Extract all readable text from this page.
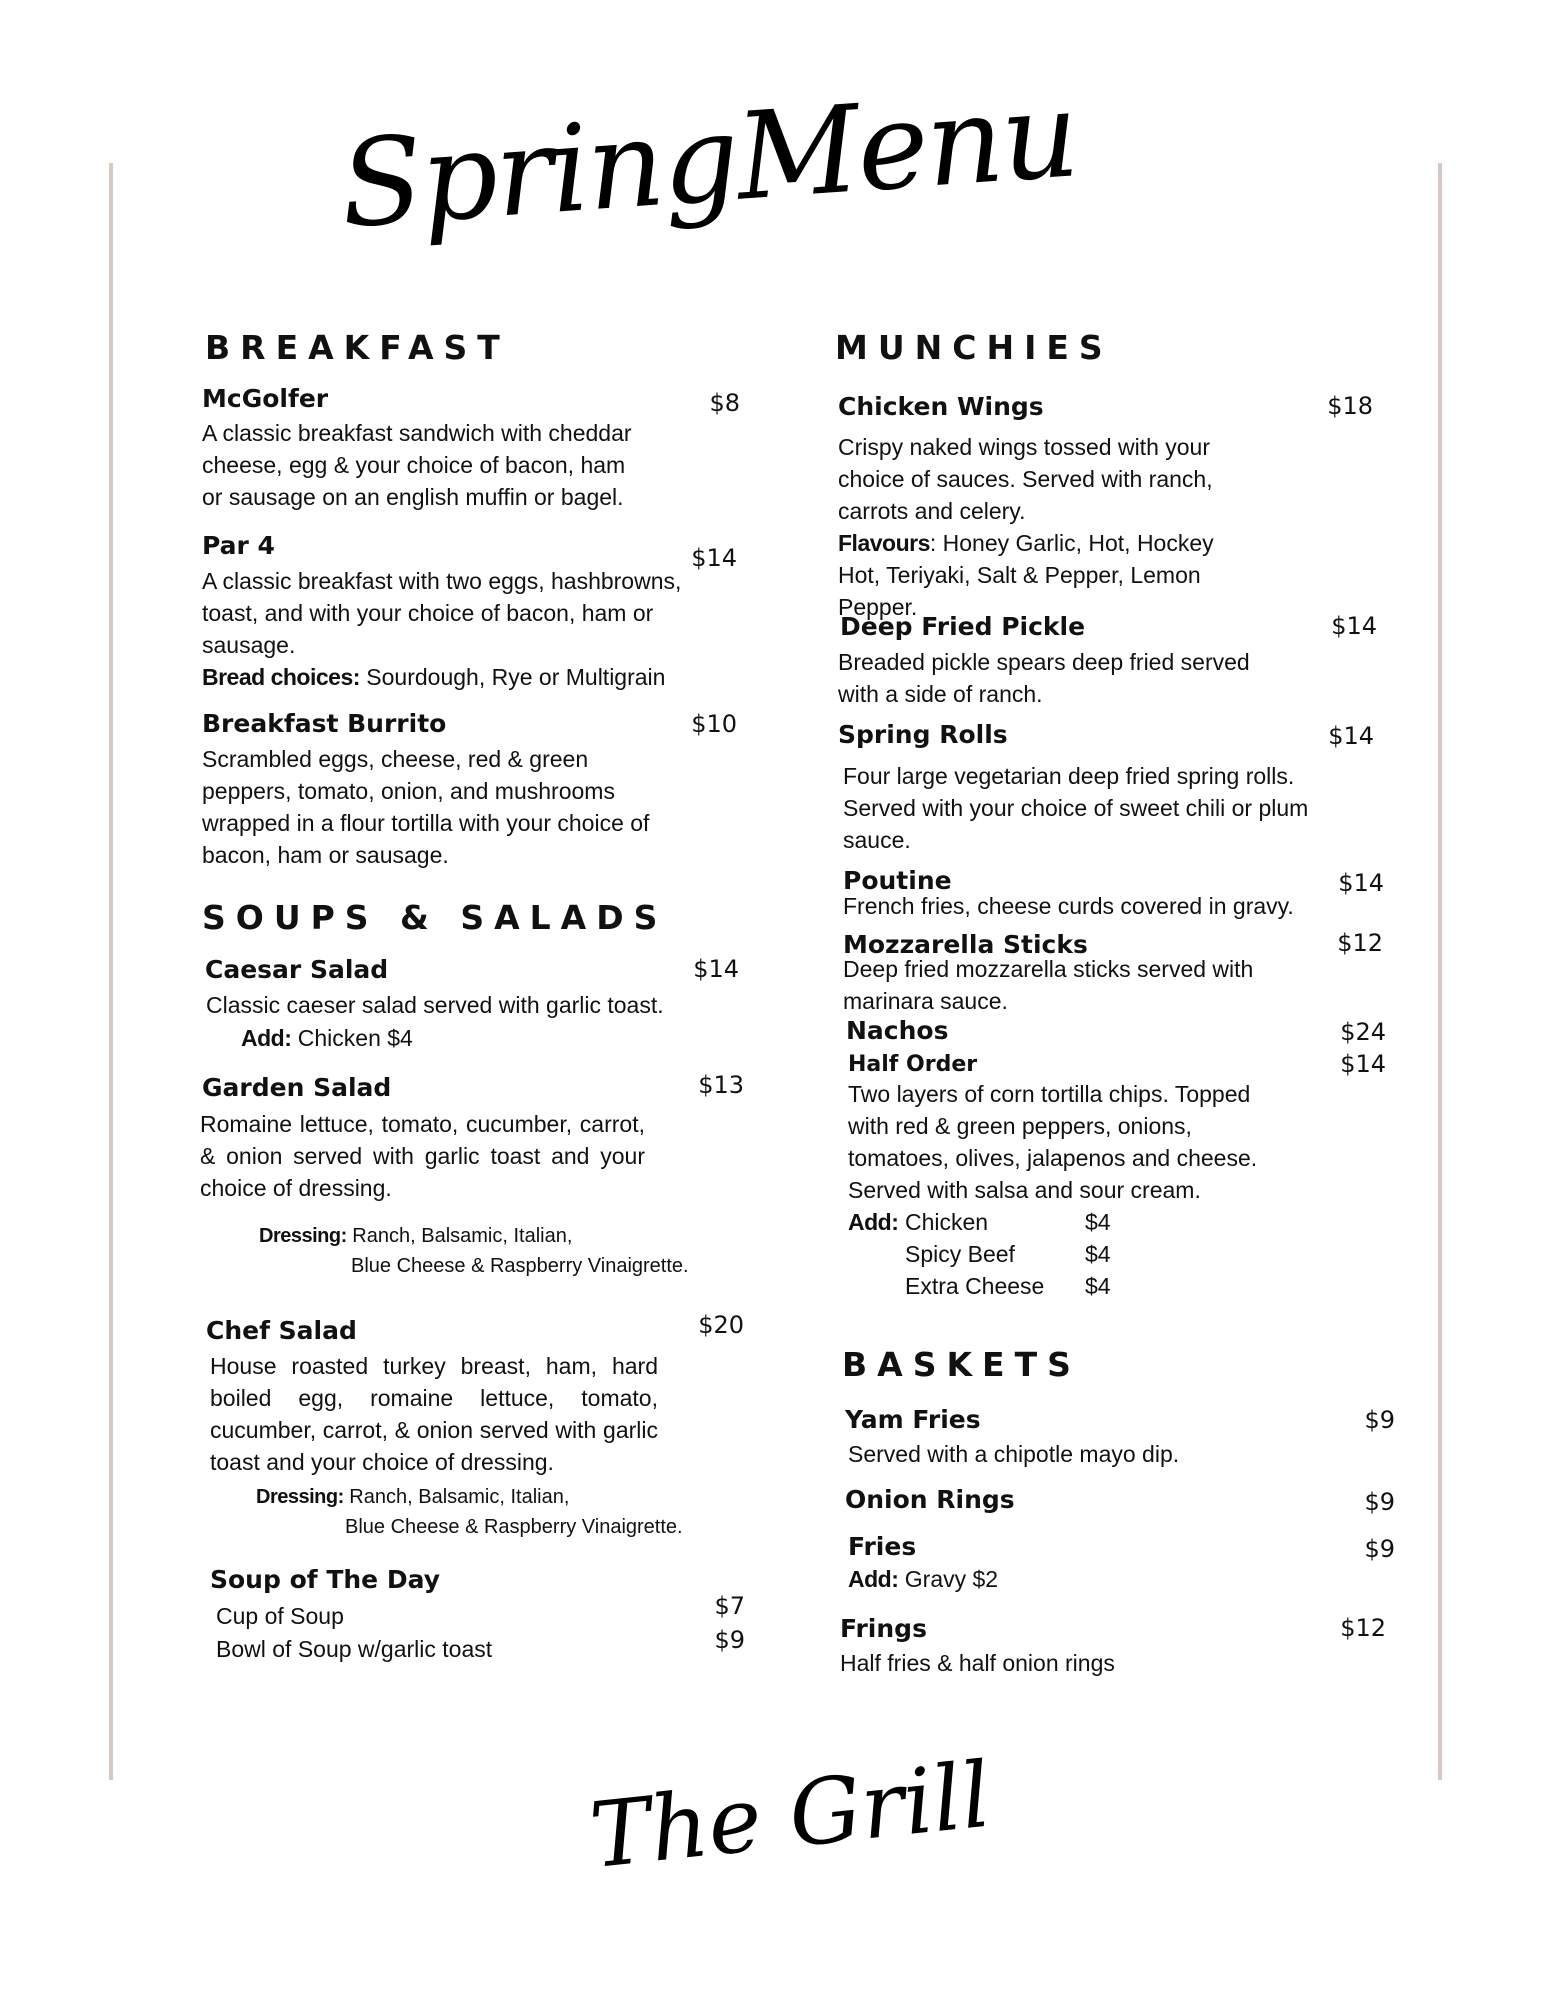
SpringMenu
BREAKFAST

McGolfer	$8

A classic breakfast sandwich with cheddar cheese, egg & your choice of bacon, ham or sausage on an english muffin or bagel.

Par 4	$14

A classic breakfast with two eggs, hashbrowns, toast, and with your choice of bacon, ham or sausage.

Bread choices: Sourdough, Rye or Multigrain

Breakfast Burrito	$10

Scrambled eggs, cheese, red & green peppers, tomato, onion, and mushrooms wrapped in a flour tortilla with your choice of bacon, ham or sausage.

SOUPS & SALADS

Caesar Salad	$14

Classic caeser salad served with garlic toast.

Add: Chicken $4

Garden Salad	$13

Romaine lettuce, tomato, cucumber, carrot, & onion served with garlic toast and your choice of dressing.

Dressing: Ranch, Balsamic, Italian,

Blue Cheese & Raspberry Vinaigrette.

Chef Salad	$20

House roasted turkey breast, ham, hard boiled egg, romaine lettuce, tomato, cucumber, carrot, & onion served with garlic toast and your choice of dressing.

Dressing: Ranch, Balsamic, Italian,

Blue Cheese & Raspberry Vinaigrette.

Soup of The Day

Cup of Soup	$7

Bowl of Soup w/garlic toast	$9

MUNCHIES

Chicken Wings	$18

Crispy naked wings tossed with your choice of sauces. Served with ranch, carrots and celery.

Flavours: Honey Garlic, Hot, Hockey Hot, Teriyaki, Salt & Pepper, Lemon Pepper.

Deep Fried Pickle	$14

Breaded pickle spears deep fried served with a side of ranch.

Spring Rolls	$14

Four large vegetarian deep fried spring rolls. Served with your choice of sweet chili or plum sauce.

Poutine	$14

French fries, cheese curds covered in gravy.

Mozzarella Sticks	$12

Deep fried mozzarella sticks served with marinara sauce.

Nachos	$24

Half Order	$14

Two layers of corn tortilla chips. Topped with red & green peppers, onions, tomatoes, olives, jalapenos and cheese. Served with salsa and sour cream.

Add: Chicken	$4
Spicy Beef	$4
Extra Cheese $4
BASKETS

Yam Fries	$9

Served with a chipotle mayo dip.

Onion Rings	$9

Fries	$9

Add: Gravy $2

Frings	$12

Half fries & half onion rings

The Grill
